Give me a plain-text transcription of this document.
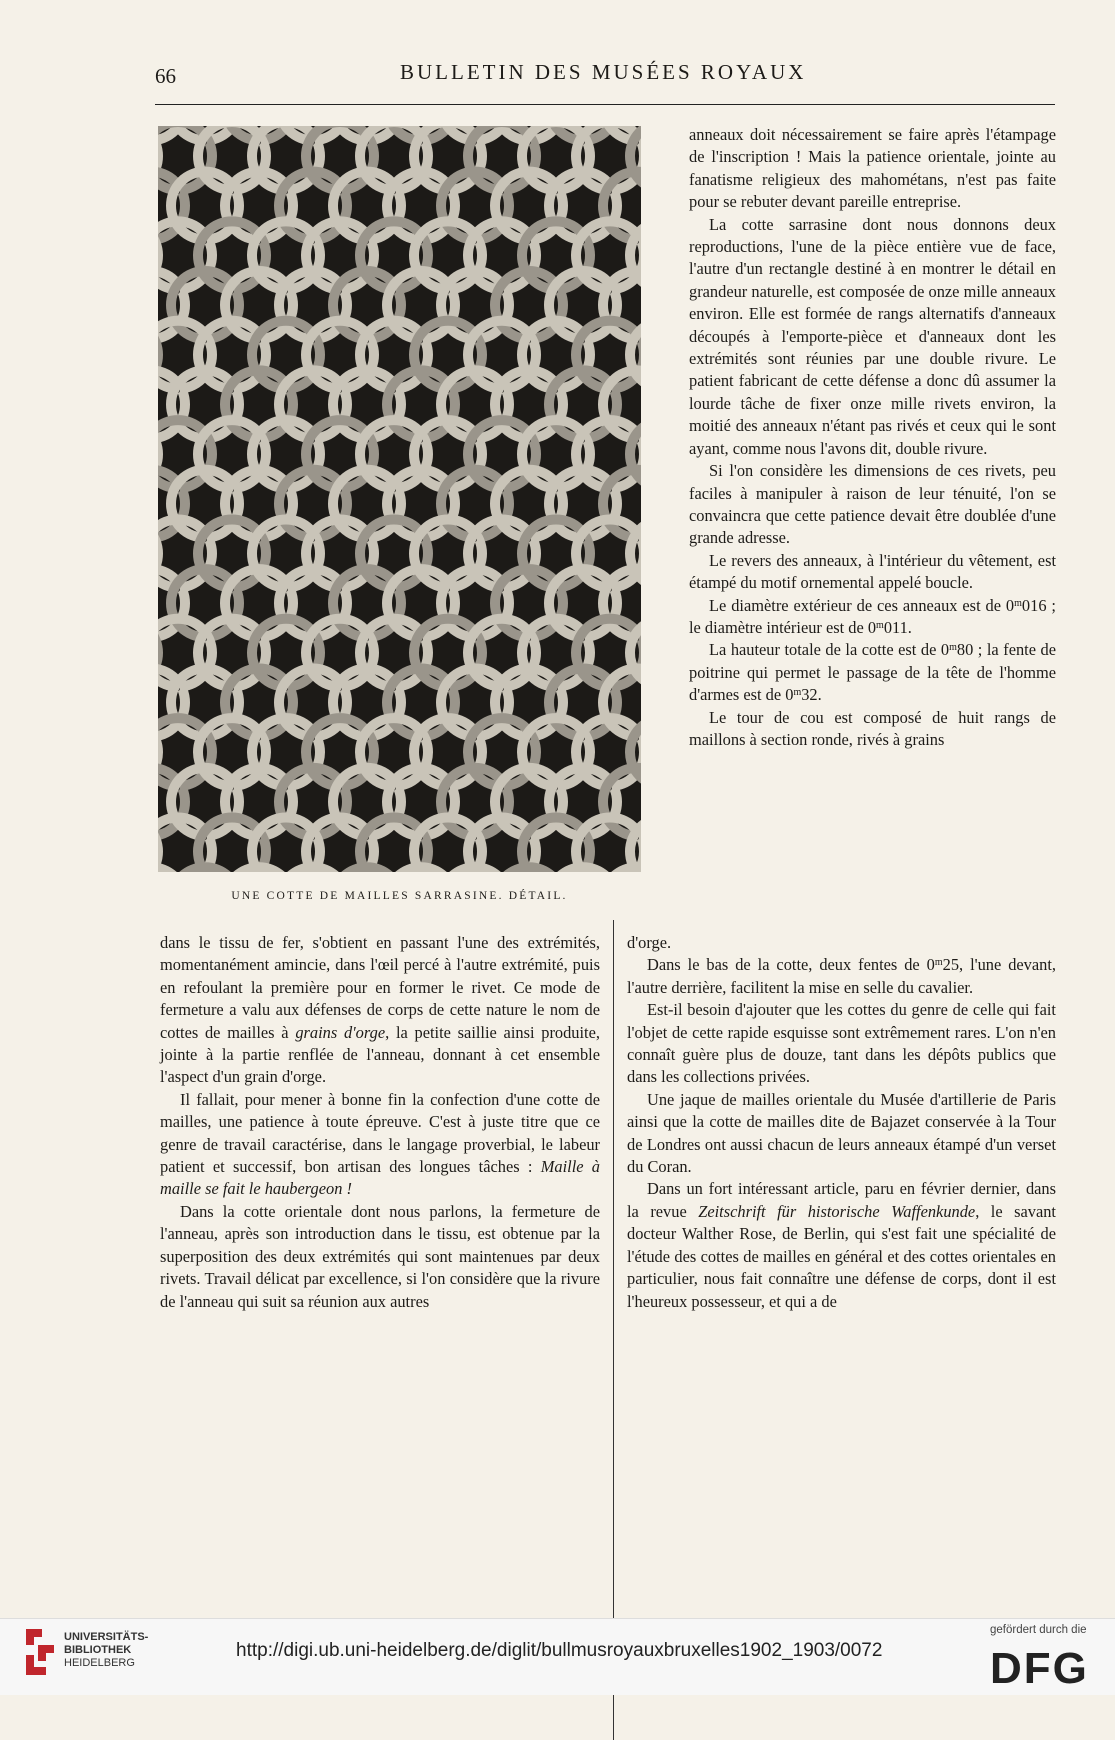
66	BULLETIN DES MUSÉES ROYAUX
UNE COTTE DE MAILLES SARRASINE. DÉTAIL.

anneaux doit nécessairement se faire après l'étampage de l'inscription ! Mais la patience orientale, jointe au fanatisme religieux des mahométans, n'est pas faite pour se rebuter devant pareille entreprise.

La cotte sarrasine dont nous donnons deux reproductions, l'une de la pièce entière vue de face, l'autre d'un rectangle destiné à en montrer le détail en grandeur naturelle, est composée de onze mille anneaux environ. Elle est formée de rangs alternatifs d'anneaux découpés à l'emporte-pièce et d'anneaux dont les extrémités sont réunies par une double rivure. Le patient fabricant de cette défense a donc dû assumer la lourde tâche de fixer onze mille rivets environ, la moitié des anneaux n'étant pas rivés et ceux qui le sont ayant, comme nous l'avons dit, double rivure.

Si l'on considère les dimensions de ces rivets, peu faciles à manipuler à raison de leur ténuité, l'on se convaincra que cette patience devait être doublée d'une grande adresse.

Le revers des anneaux, à l'intérieur du vêtement, est étampé du motif ornemental appelé boucle.

Le diamètre extérieur de ces anneaux est de 0$^m$016 ; le diamètre intérieur est de 0$^m$011.

La hauteur totale de la cotte est de 0$^m$80 ; la fente de poitrine qui permet le passage de la tête de l'homme d'armes est de 0$^m$32.

Le tour de cou est composé de huit rangs de maillons à section ronde, rivés à grains

dans le tissu de fer, s'obtient en passant l'une des extrémités, momentanément amincie, dans l'œil percé à l'autre extrémité, puis en refoulant la première pour en former le rivet. Ce mode de fermeture a valu aux défenses de corps de cette nature le nom de cottes de mailles à grains d'orge, la petite saillie ainsi produite, jointe à la partie renflée de l'anneau, donnant à cet ensemble l'aspect d'un grain d'orge.

Il fallait, pour mener à bonne fin la confection d'une cotte de mailles, une patience à toute épreuve. C'est à juste titre que ce genre de travail caractérise, dans le langage proverbial, le labeur patient et successif, bon artisan des longues tâches : Maille à maille se fait le haubergeon !

Dans la cotte orientale dont nous parlons, la fermeture de l'anneau, après son introduction dans le tissu, est obtenue par la superposition des deux extrémités qui sont maintenues par deux rivets. Travail délicat par excellence, si l'on considère que la rivure de l'anneau qui suit sa réunion aux autres

d'orge.

Dans le bas de la cotte, deux fentes de 0$^m$25, l'une devant, l'autre derrière, facilitent la mise en selle du cavalier.

Est-il besoin d'ajouter que les cottes du genre de celle qui fait l'objet de cette rapide esquisse sont extrêmement rares. L'on n'en connaît guère plus de douze, tant dans les dépôts publics que dans les collections privées.

Une jaque de mailles orientale du Musée d'artillerie de Paris ainsi que la cotte de mailles dite de Bajazet conservée à la Tour de Londres ont aussi chacun de leurs anneaux étampé d'un verset du Coran.

Dans un fort intéressant article, paru en février dernier, dans la revue Zeitschrift für historische Waffenkunde, le savant docteur Walther Rose, de Berlin, qui s'est fait une spécialité de l'étude des cottes de mailles en général et des cottes orientales en particulier, nous fait connaître une défense de corps, dont il est l'heureux possesseur, et qui a de

UNIVERSITÄTS-
BIBLIOTHEK
HEIDELBERG
http://digi.ub.uni-heidelberg.de/diglit/bullmusroyauxbruxelles1902_1903/0072
gefördert durch die
DFG
